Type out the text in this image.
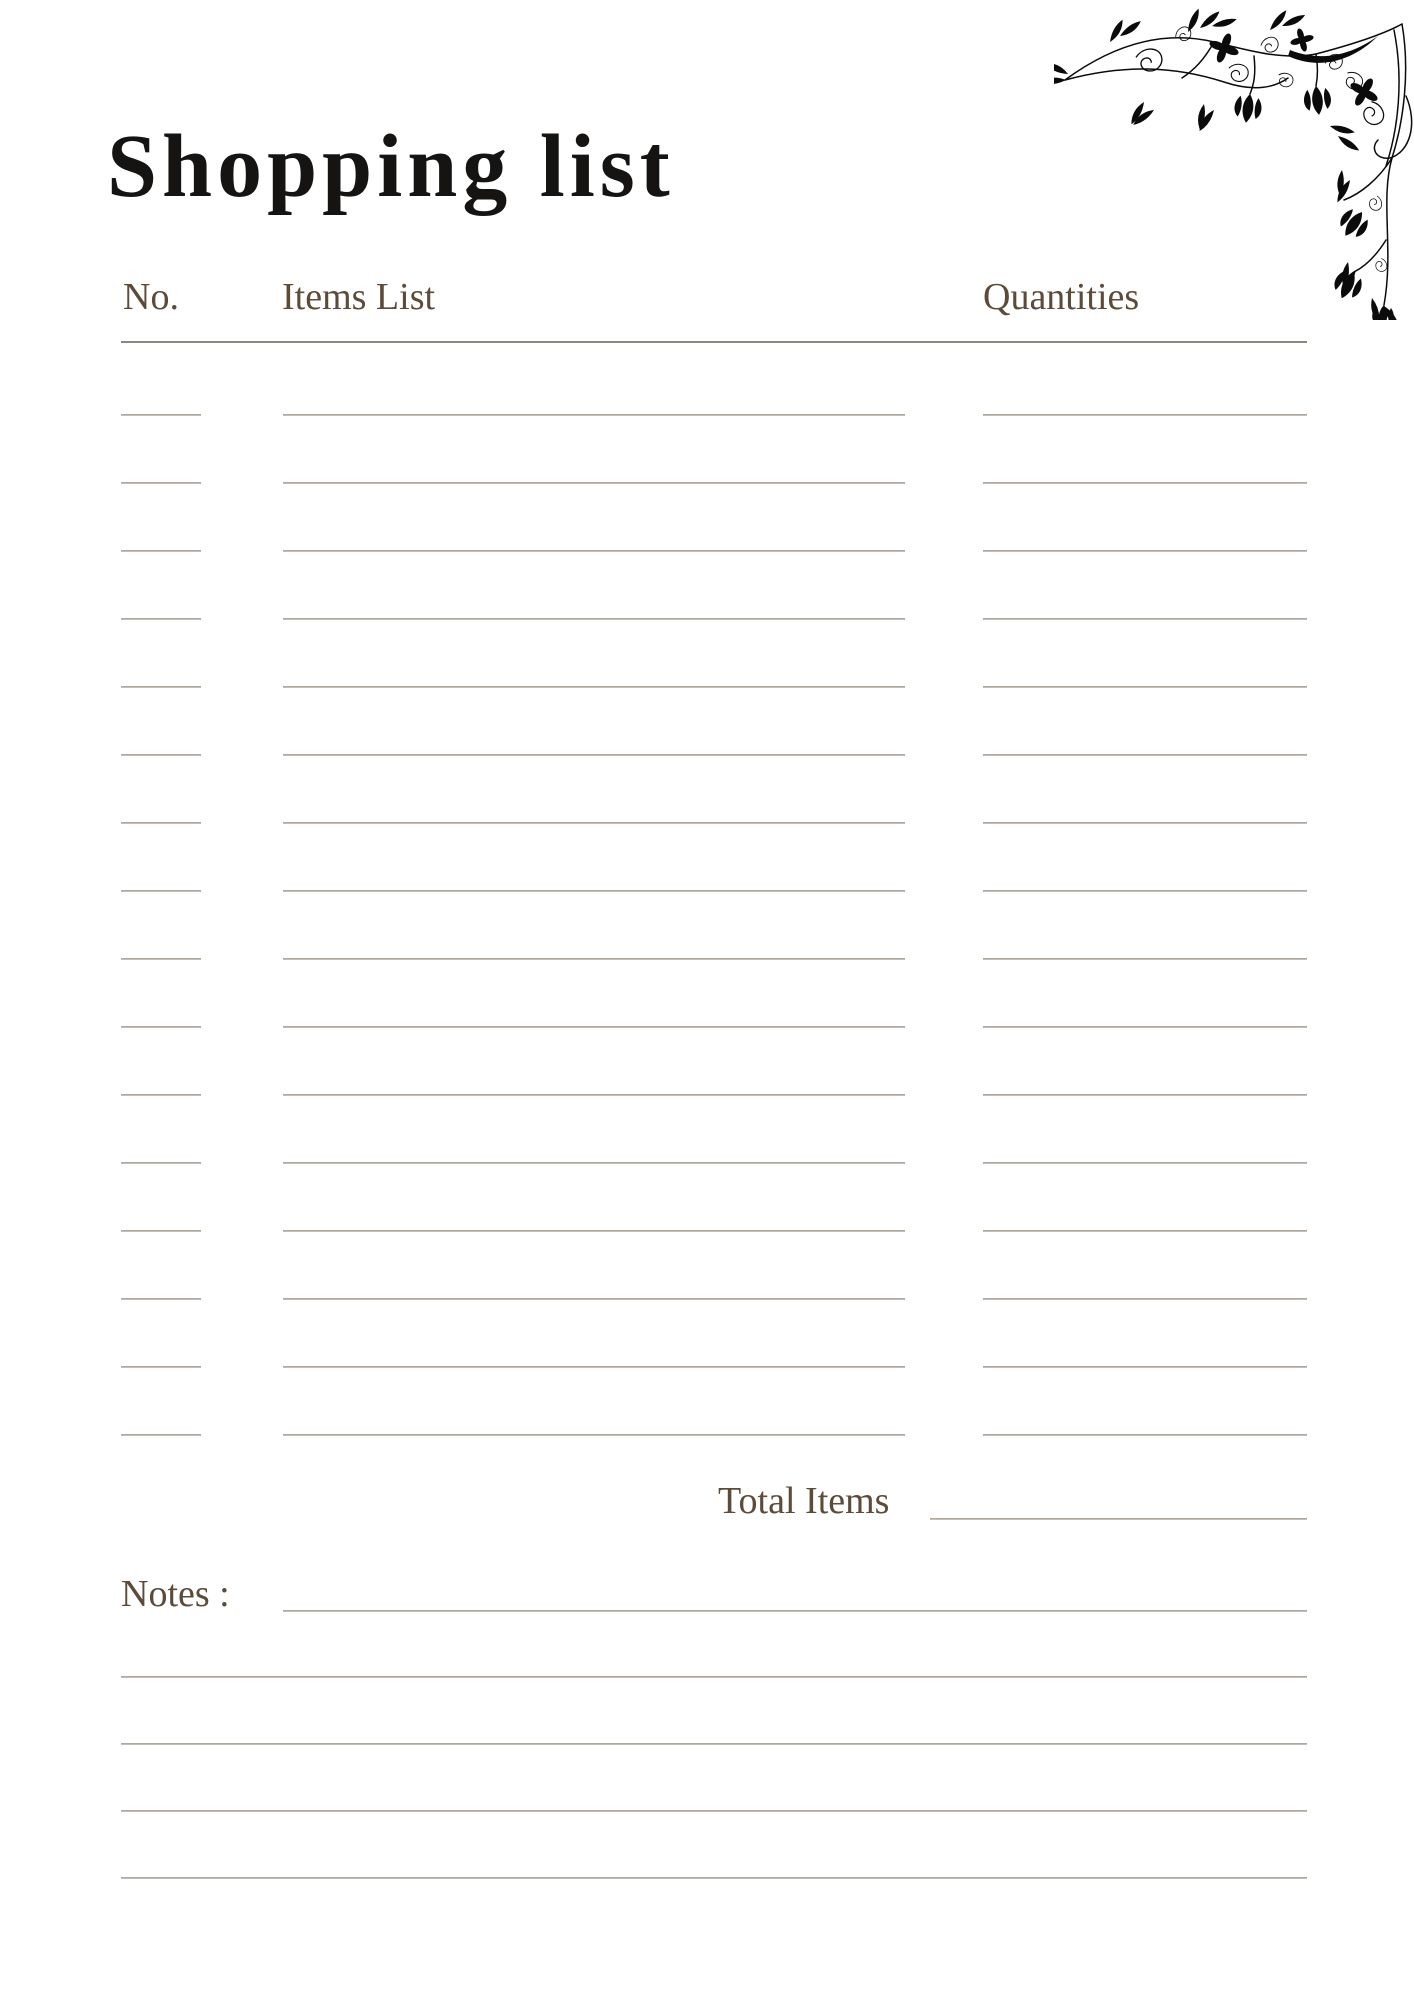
Shopping list
No.	Items List	Quantities
Total Items
Notes :
